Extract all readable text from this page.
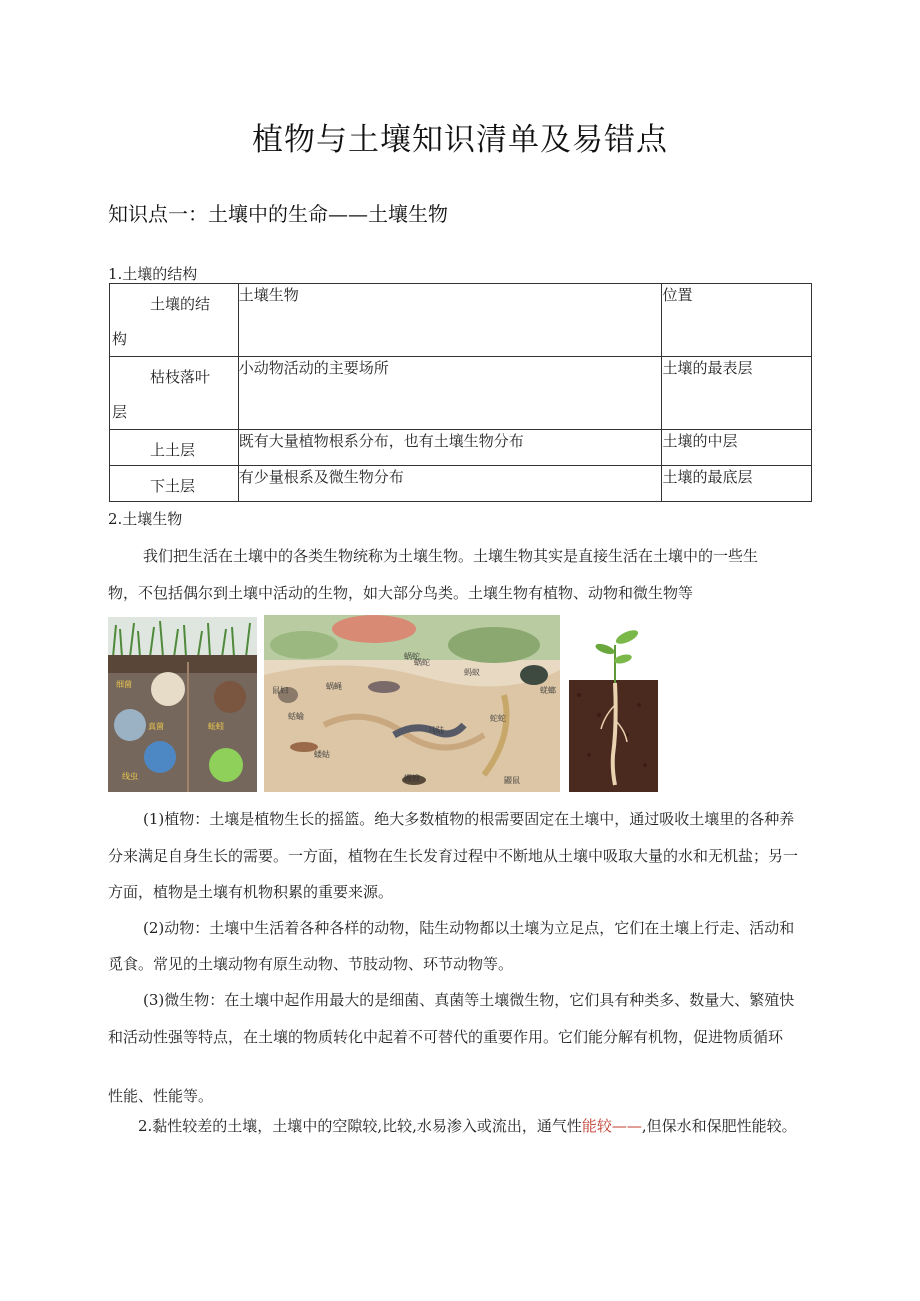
植物与土壤知识清单及易错点
知识点一：土壤中的生命——土壤生物
1.土壤的结构
土壤的结
构	土壤生物	位置

枯枝落叶
层	小动物活动的主要场所	土壤的最表层

上土层	既有大量植物根系分布，也有土壤生物分布	土壤的中层

下土层	有少量根系及微生物分布	土壤的最底层
2.土壤生物
我们把生活在土壤中的各类生物统称为土壤生物。土壤生物其实是直接生活在土壤中的一些生
物，不包括偶尔到土壤中活动的生物，如大部分鸟类。土壤生物有植物、动物和微生物等
细菌
真菌	蚯蚓
线虫
蜗蛇
蜗蛇
蚂蚁
鼠妇	蜗蝇
蛞蝓
蜣螂
蛇蛇
马陆
蠼螋
蝼蛄
鼹鼠
(1)植物：土壤是植物生长的摇篮。绝大多数植物的根需要固定在土壤中，通过吸收土壤里的各种养
分来满足自身生长的需要。一方面，植物在生长发育过程中不断地从土壤中吸取大量的水和无机盐；另一
方面，植物是土壤有机物积累的重要来源。
(2)动物：土壤中生活着各种各样的动物，陆生动物都以土壤为立足点，它们在土壤上行走、活动和
觅食。常见的土壤动物有原生动物、节肢动物、环节动物等。
(3)微生物：在土壤中起作用最大的是细菌、真菌等土壤微生物，它们具有种类多、数量大、繁殖快
和活动性强等特点，在土壤的物质转化中起着不可替代的重要作用。它们能分解有机物，促进物质循环
性能、性能等。
2.黏性较差的土壤，土壤中的空隙较,比较,水易渗入或流出，通气性能较——,但保水和保肥性能较。
